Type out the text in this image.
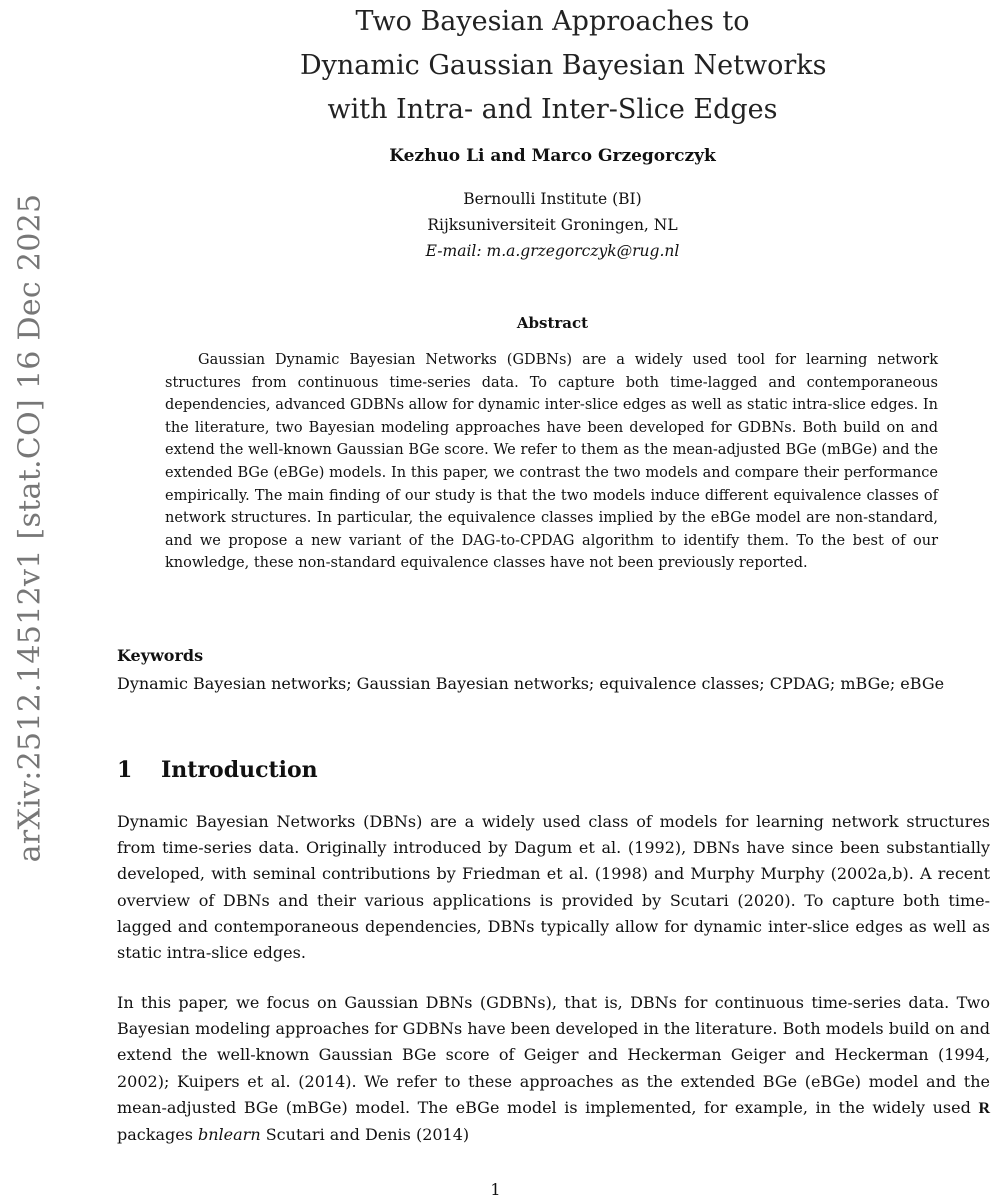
arXiv:2512.14512v1 [stat.CO] 16 Dec 2025
Two Bayesian Approaches to
Dynamic Gaussian Bayesian Networks
with Intra- and Inter-Slice Edges
Kezhuo Li and Marco Grzegorczyk
Bernoulli Institute (BI)
Rijksuniversiteit Groningen, NL
E-mail: m.a.grzegorczyk@rug.nl
Abstract

Gaussian Dynamic Bayesian Networks (GDBNs) are a widely used tool for learning network structures from continuous time-series data. To capture both time-lagged and contemporaneous dependencies, advanced GDBNs allow for dynamic inter-slice edges as well as static intra-slice edges. In the literature, two Bayesian modeling approaches have been developed for GDBNs. Both build on and extend the well-known Gaussian BGe score. We refer to them as the mean-adjusted BGe (mBGe) and the extended BGe (eBGe) models. In this paper, we contrast the two models and compare their performance empirically. The main finding of our study is that the two models induce different equivalence classes of network structures. In particular, the equivalence classes implied by the eBGe model are non-standard, and we propose a new variant of the DAG-to-CPDAG algorithm to identify them. To the best of our knowledge, these non-standard equivalence classes have not been previously reported.

Keywords

Dynamic Bayesian networks; Gaussian Bayesian networks; equivalence classes; CPDAG; mBGe; eBGe

1 Introduction

Dynamic Bayesian Networks (DBNs) are a widely used class of models for learning network structures from time-series data. Originally introduced by Dagum et al. (1992), DBNs have since been substantially developed, with seminal contributions by Friedman et al. (1998) and Murphy Murphy (2002a,b). A recent overview of DBNs and their various applications is provided by Scutari (2020). To capture both time-lagged and contemporaneous dependencies, DBNs typically allow for dynamic inter-slice edges as well as static intra-slice edges.

In this paper, we focus on Gaussian DBNs (GDBNs), that is, DBNs for continuous time-series data. Two Bayesian modeling approaches for GDBNs have been developed in the literature. Both models build on and extend the well-known Gaussian BGe score of Geiger and Heckerman Geiger and Heckerman (1994, 2002); Kuipers et al. (2014). We refer to these approaches as the extended BGe (eBGe) model and the mean-adjusted BGe (mBGe) model. The eBGe model is implemented, for example, in the widely used R packages bnlearn Scutari and Denis (2014)

1
